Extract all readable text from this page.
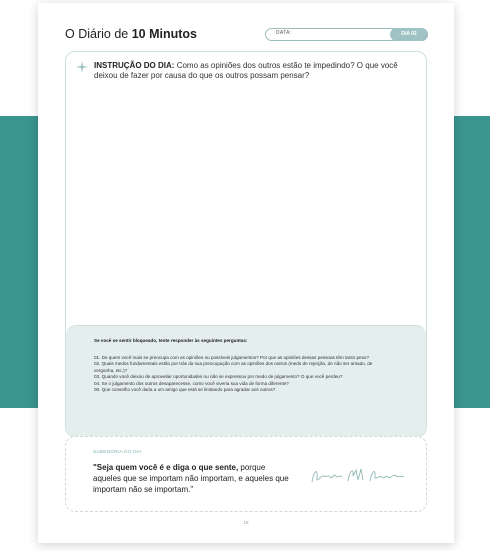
O Diário de 10 Minutos	DATA:	DIA 02
INSTRUÇÃO DO DIA: Como as opiniões dos outros estão te impedindo? O que você deixou de fazer por causa do que os outros possam pensar?
Se você se sentir bloqueado, tente responder às seguintes perguntas:
01. De quem você mais se preocupa com as opiniões ou possíveis julgamentos? Por que as opiniões dessas pessoas têm tanto peso?
02. Quais medos fundamentais estão por trás da sua preocupação com as opiniões dos outros (medo de rejeição, de não ser amado, de vergonha, etc.)?
03. Quando você deixou de aproveitar oportunidades ou não se expressou por medo de julgamento? O que você perdeu?
04. Se o julgamento dos outros desaparecesse, como você viveria sua vida de forma diferente?
05. Que conselho você daria a um amigo que está se limitando para agradar aos outros?
SABEDORIA DO DIA
"Seja quem você é e diga o que sente, porque aqueles que se importam não importam, e aqueles que importam não se importam."
18
